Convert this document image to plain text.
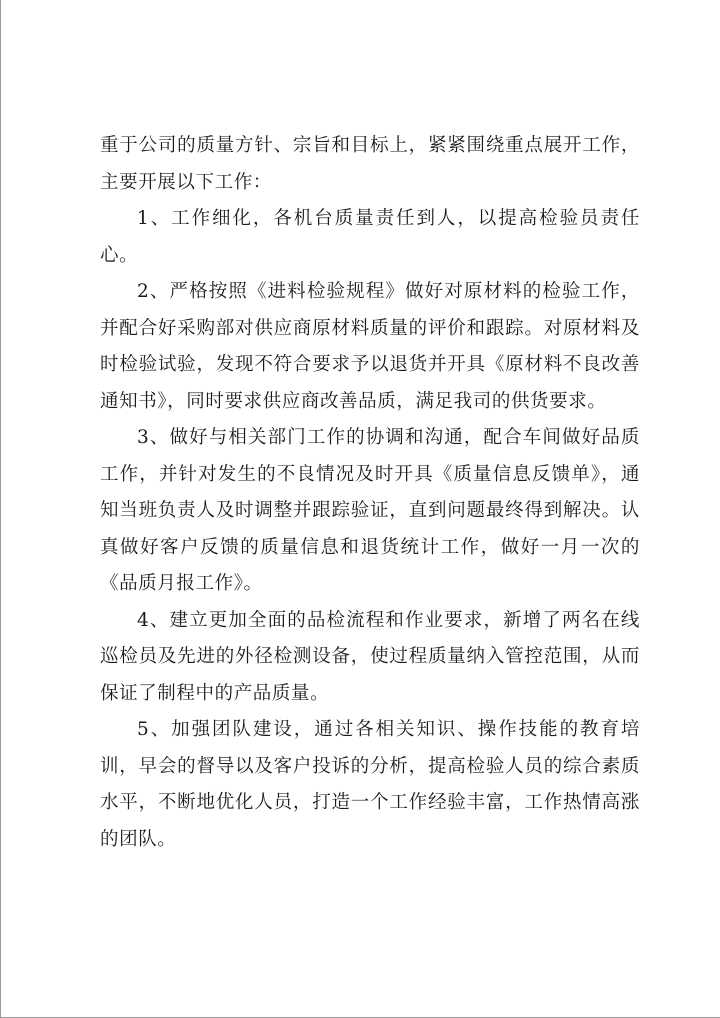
重于公司的质量方针、宗旨和目标上，紧紧围绕重点展开工作，主要开展以下工作：

1、工作细化，各机台质量责任到人，以提高检验员责任心。

2、严格按照《进料检验规程》做好对原材料的检验工作，并配合好采购部对供应商原材料质量的评价和跟踪。对原材料及时检验试验，发现不符合要求予以退货并开具《原材料不良改善通知书》，同时要求供应商改善品质，满足我司的供货要求。

3、做好与相关部门工作的协调和沟通，配合车间做好品质工作，并针对发生的不良情况及时开具《质量信息反馈单》，通知当班负责人及时调整并跟踪验证，直到问题最终得到解决。认真做好客户反馈的质量信息和退货统计工作，做好一月一次的《品质月报工作》。

4、建立更加全面的品检流程和作业要求，新增了两名在线巡检员及先进的外径检测设备，使过程质量纳入管控范围，从而保证了制程中的产品质量。

5、加强团队建设，通过各相关知识、操作技能的教育培训，早会的督导以及客户投诉的分析，提高检验人员的综合素质水平，不断地优化人员，打造一个工作经验丰富，工作热情高涨的团队。
